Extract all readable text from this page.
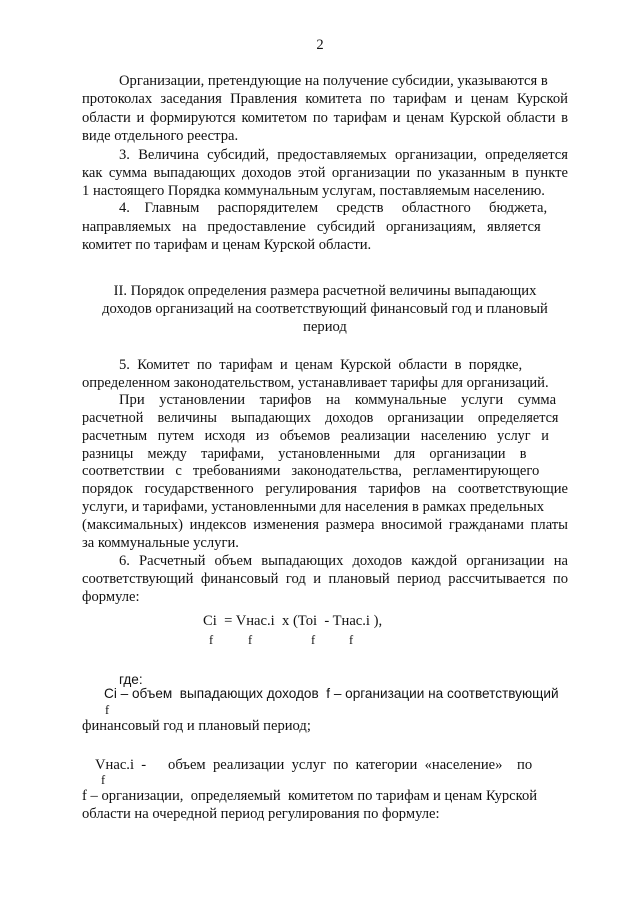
2
Организации, претендующие на получение субсидии, указываются в
протоколах заседания Правления комитета по тарифам и ценам Курской
области и формируются комитетом по тарифам и ценам Курской области в
виде отдельного реестра.
3. Величина субсидий, предоставляемых организации, определяется
как сумма выпадающих доходов этой организации по указанным в пункте
1 настоящего Порядка коммунальным услугам, поставляемым населению.
4.    Главным     распорядителем     средств     областного     бюджета,
направляемых   на   предоставление   субсидий   организациям,   является
комитет по тарифам и ценам Курской области.
II. Порядок определения размера расчетной величины выпадающих
доходов организаций на соответствующий финансовый год и плановый
период
5.  Комитет  по  тарифам  и  ценам  Курской  области  в  порядке,
определенном законодательством, устанавливает тарифы для организаций.
При    установлении    тарифов    на    коммунальные    услуги    сумма
расчетной    величины    выпадающих    доходов    организации    определяется
расчетным   путем   исходя   из   объемов   реализации   населению   услуг   и
разницы    между    тарифами,    установленными    для    организации    в
соответствии   с   требованиями   законодательства,   регламентирующего
порядок государственного регулирования тарифов на соответствующие
услуги, и тарифами, установленными для населения в рамках предельных
(максимальных) индексов изменения размера вносимой гражданами платы
за коммунальные услуги.
6. Расчетный объем выпадающих доходов каждой организации на
соответствующий финансовый год и плановый период рассчитывается по
формуле:
Ci  = Vнас.i  x (Toi  - Tнас.i ),
f	f	f	f
где:
Ci – объем  выпадающих доходов  f – организации на соответствующий
f
финансовый год и плановый период;
Vнас.i  -      объем  реализации  услуг  по  категории  «население»    по
f
f – организации,  определяемый  комитетом по тарифам и ценам Курской
области на очередной период регулирования по формуле:
